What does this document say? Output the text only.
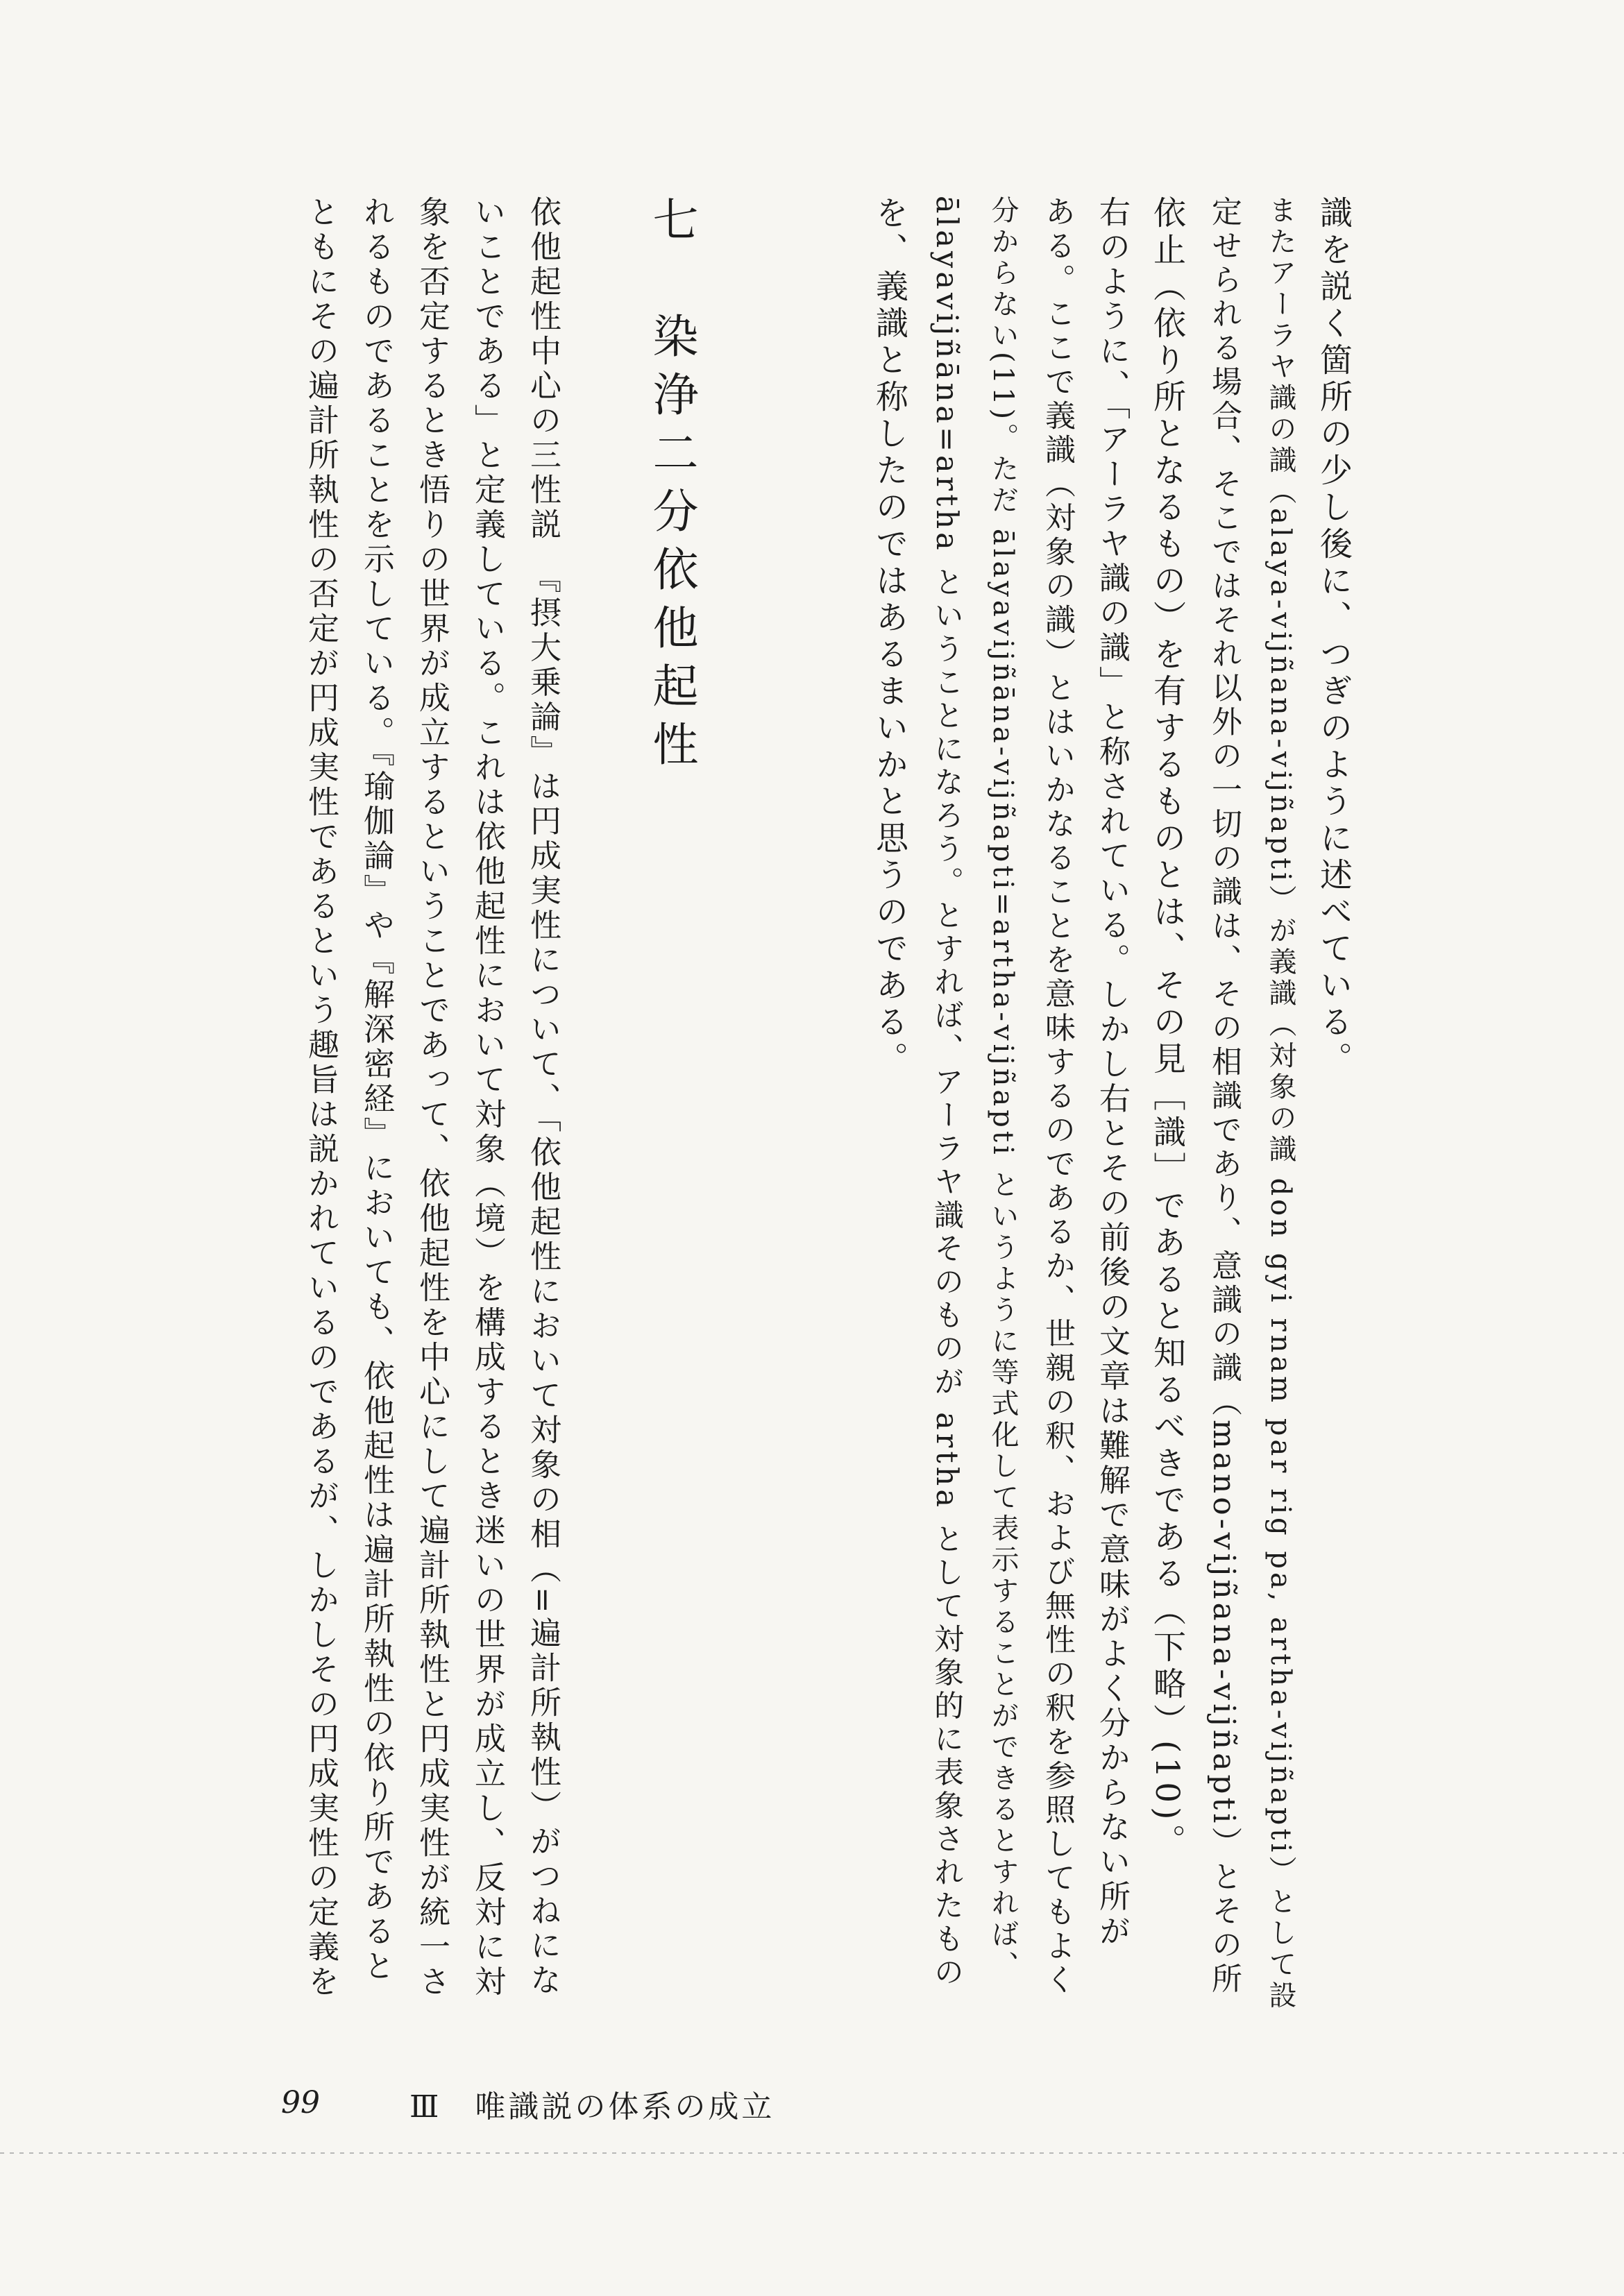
識を説く箇所の少し後に、つぎのように述べている。
またアーラヤ識の識（alaya-vijñana-vijñapti）が義識（対象の識 don gyi rnam par rig pa, artha-vijñapti）として設
定せられる場合、そこではそれ以外の一切の識は、その相識であり、意識の識（mano-vijñana-vijñapti）とその所
依止（依り所となるもの）を有するものとは、その見［識］であると知るべきである（下略）(10)。
右のように、「アーラヤ識の識」と称されている。しかし右とその前後の文章は難解で意味がよく分からない所が
ある。ここで義識（対象の識）とはいかなることを意味するのであるか、世親の釈、および無性の釈を参照してもよく
分からない(11)。ただ ālayavijñāna-vijñapti=artha-vijñapti というように等式化して表示することができるとすれば、
ālayavijñāna=artha ということになろう。とすれば、アーラヤ識そのものが artha として対象的に表象されたもの
を、義識と称したのではあるまいかと思うのである。
七　染浄二分依他起性
依他起性中心の三性説　『摂大乗論』は円成実性について、「依他起性において対象の相（=遍計所執性）がつねにな
いことである」と定義している。これは依他起性において対象（境）を構成するとき迷いの世界が成立し、反対に対
象を否定するとき悟りの世界が成立するということであって、依他起性を中心にして遍計所執性と円成実性が統一さ
れるものであることを示している。『瑜伽論』や『解深密経』においても、依他起性は遍計所執性の依り所であると
ともにその遍計所執性の否定が円成実性であるという趣旨は説かれているのであるが、しかしその円成実性の定義を
99	Ⅲ　唯識説の体系の成立
